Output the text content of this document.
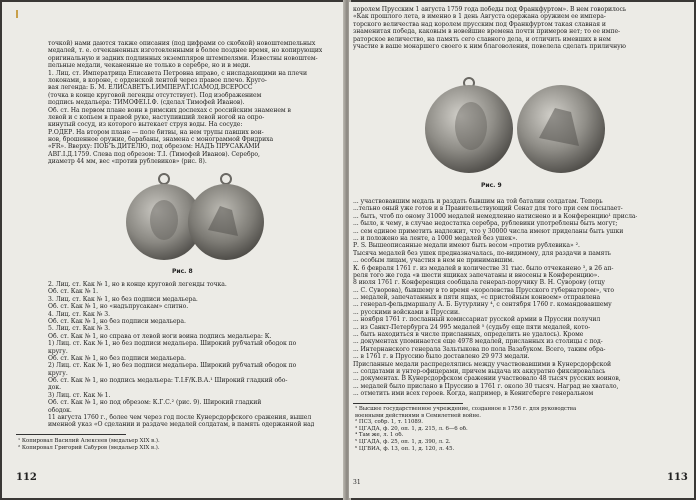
точкой) нами даются также описания (под цифрами со скобкой) новоштемпельных
медалей, т. е. отчеканенных изготовленными в более позднее время, но копирующих
оригинальную и задних подлинных экземпляров штемпелями. Известны новоштем-
пельные медали, чеканенные не только в серебре, но и в меди.
1. Лиц. ст. Императрица Елисавета Петровна вправо, с ниспадающими на плечи
локонами, в короне, с орденской лентой через правое плечо. Круго-
вая легенда: Б. М. ЕЛИСАВЕТЪ.І.ИМПЕРАТ.ІСАМОД.ВСЕРОСС
(точка в конце круговой легенды отсутствует). Под изображением
подпись медальера: ТИМОФЕІ.І.Ф. (сделал Тимофей Иванов).
Об. ст. На первом плане воин в римских доспехах с российским знаменем в
левой и с копьем в правой руке, наступивший левой ногой на опро-
кинутый сосуд, из которого вытекает струя воды. На сосуде:
Р.ОДЕР. На втором плане — поле битвы, на нем трупы павших вои-
нов, брошенное оружие, барабаны, знамена с монограммой Фридриха
«FR». Вверху: ПОБ'Ъ.ДИТЕЛЮ, под обрезом: НАДЪ ПРУСАКАМИ
АВГ.І.Д.1759. Слева под обрезом: Т.І. (Тимофей Иванов). Серебро,
диаметр 44 мм, вес «против рублевиков» (рис. 8).
Рис. 8
2. Лиц. ст. Как № 1, но в конце круговой легенды точка.
Об. ст. Как № 1.
3. Лиц. ст. Как № 1, но без подписи медальера.
Об. ст. Как № 1, но «надъпрусакам» слитно.
4. Лиц. ст. Как № 3.
Об. ст. Как № 1, но без подписи медальера.
5. Лиц. ст. Как № 3.
Об. ст. Как № 1, но справа от левой ноги воина подпись медальера: К.
1) Лиц. ст. Как № 1, но без подписи медальера. Широкий рубчатый ободок по
кругу.
Об. ст. Как № 1, но без подписи медальера.
2) Лиц. ст. Как № 1, но без подписи медальера. Широкий рубчатый ободок по
кругу.
Об. ст. Как № 1, но подпись медальера: Т.І.Ғ/К.В.А.¹ Широкий гладкий обо-
док.
3) Лиц. ст. Как № 1.
Об. ст. Как № 1, но под обрезом: К.Г.С.² (рис. 9). Широкий гладкий
ободок.
11 августа 1760 г., более чем через год после Кунерсдорфского сражения, вышел
именной указ «О сделании и раздаче медалей солдатам, в память одержанной над
¹ Копировал Василий Алексеев (медальер XIX в.).
² Копировал Григорий Сабуров (медальер XIX в.).
112
королем Прусским 1 августа 1759 года победы под Франкфуртом». В нем говорилось
«Как прошлого лета, в именно в 1 день Августа одержана оружием ее импера-
торского величества над королем прусским под Франкфуртом такая славная и
знаменитая победа, каковым в новейшие времена почти примеров нет; то ее импе-
раторское величество, на память сего славного дела, и отличить имевших в нем
участие в ваше монаршего своего к ним благоволения, повелела сделать приличную
Рис. 9
... участвовавшим медаль и раздать бывшим на той баталии солдатам. Теперь
...тельно оный уже готов и в Правительствующий Сенат для того при сем посылает-
... быть, чтоб по оному 31000 медалей немедленно натиснено и в Конференцию¹ присла-
... было, к чему, в случае недостатка серебра, рублевики употреблены быть могут;
... сем единое приметить надлежит, что у 30000 числа имеют приделаны быть ушки
... и положено на ленте, а 1000 медалей без ушек».
Р. S. Вышеописанные медали имеют быть весом «против рублевика» ².
Тысяча медалей без ушек предназначалась, по-видимому, для раздачи в память
... особым лицам, участия в нем не принимавшим.
К. 6 февраля 1761 г. из медалей в количестве 31 тыс. было отчеканено ³, в 26 ап-
реля того же года «в шести ящиках запечатаны и вносены в Конференцию».
8 июля 1761 г. Конференция сообщала генерал-поручику В. Н. Суворову (отцу
... С. Суворова), бывшему в то время «королевства Прусского губернатором», что
... медалей, запечатанных в пяти ящах, «с пристойным конвоем» отправлена
... генерал-фельдмаршалу А. Б. Бутурлину ⁴, с сентября 1760 г. командовавшему
... русскими войсками в Пруссии.
... ноября 1761 г. посланный комиссариат русской армии в Пруссии получил
... из Санкт-Петербурга 24 995 медалей ⁵ (судьбу еще пяти медалей, кото-
... быть находиться в числе присланных, определить не удалось). Кроме
... документах упоминается еще 4978 медалей, присланных из столицы с под-
... Интернанского генерала Зальтыкова по пола Вазабуком. Всего, таким обра-
... в 1761 г. в Пруссию было доставлено 29 973 медали.
Присланные медали распределялись между участвовавшими в Кунерсдорфской
... солдатами и унтер-офицерами, причем выдача их аккуратно фиксировалась
... документах. В Кунерсдорфском сражении участвовало 48 тысяч русских воинов,
... медалей было прислано в Пруссию в 1761 г. около 30 тысяч. Наград не хватало,
... отметить ими всех героев. Когда, например, в Кенигсберге генеральном
¹ Высшее государственное учреждение, созданное в 1756 г. для руководства
военными действиями в Семилетней войне.
² ПСЗ, собр. 1, т. 11089.
³ ЦГАДА, ф. 20, оп. 1, д. 215, л. 6—6 об.
⁴ Там же, л. 1 об.
⁵ ЦГАДА, ф. 25, оп. 1, д. 390, л. 2.
⁶ ЦГВИА, ф. 13, оп. 1, д. 120, л. 45.
31	113
